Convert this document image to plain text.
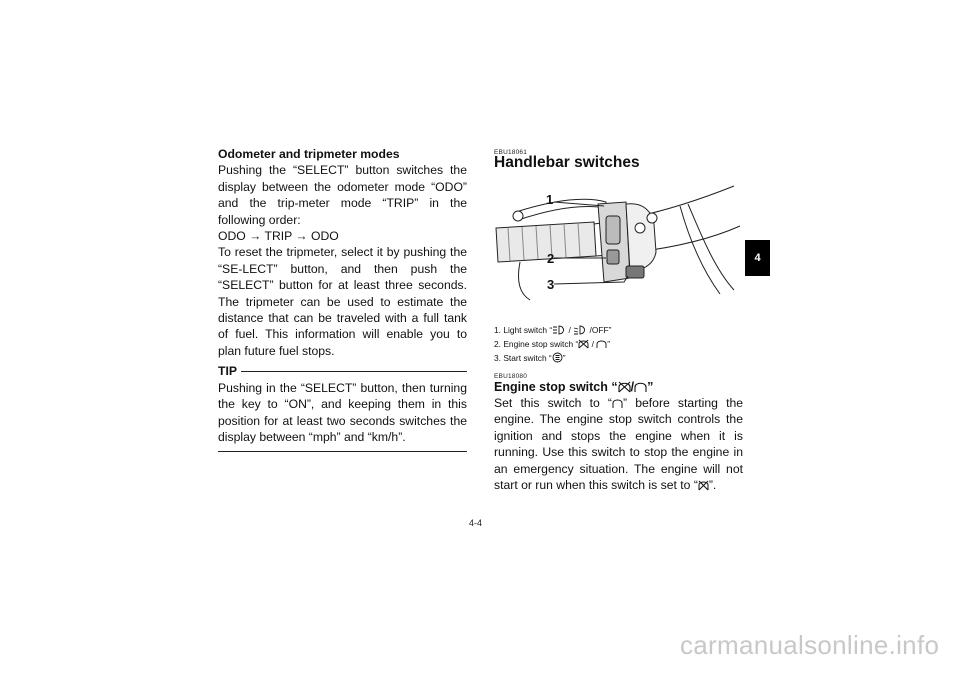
Odometer and tripmeter modes

Pushing the “SELECT” button switches the display between the odometer mode “ODO” and the trip-meter mode “TRIP” in the following order:

ODO → TRIP → ODO

To reset the tripmeter, select it by pushing the “SE-LECT” button, and then push the “SELECT” button for at least three seconds. The tripmeter can be used to estimate the distance that can be traveled with a full tank of fuel. This information will enable you to plan future fuel stops.

TIP

Pushing in the “SELECT” button, then turning the key to “ON”, and keeping them in this position for at least two seconds switches the display between “mph” and “km/h”.

EBU18061
Handlebar switches
1
2
3
1. Light switch “ /  /OFF”
2. Engine stop switch “ / ”
3. Start switch “ ”
EBU18080
Engine stop switch “ / ”
Set this switch to “ ” before starting the engine. The engine stop switch controls the ignition and stops the engine when it is running. Use this switch to stop the engine in an emergency situation. The engine will not start or run when this switch is set to “ ”.
4
4-4
carmanualsonline.info
